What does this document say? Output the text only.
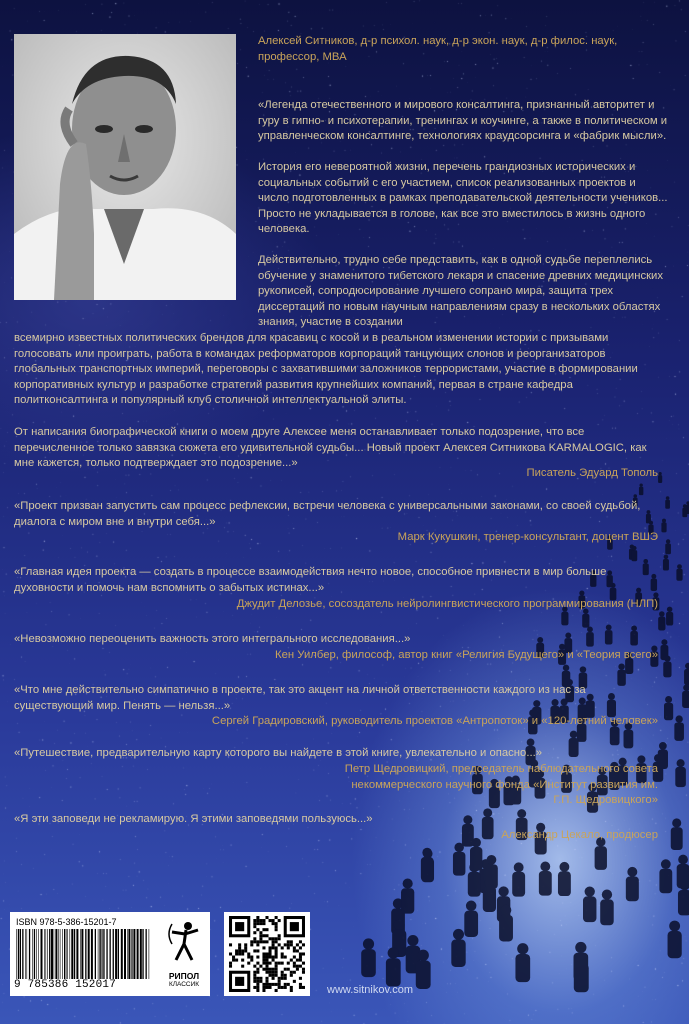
Алексей Ситников, д-р психол. наук, д-р экон. наук, д-р филос. наук, профессор, МВА

«Легенда отечественного и мирового консалтинга, признанный авторитет и гуру в гипно- и психотерапии, тренингах и коучинге, а также в политическом и управленческом консалтинге, технологиях краудсорсинга и «фабрик мысли».

История его невероятной жизни, перечень грандиозных исторических и социальных событий с его участием, список реализованных проектов и число подготовленных в рамках преподавательской деятельности учеников... Просто не укладывается в голове, как все это вместилось в жизнь одного человека.

Действительно, трудно себе представить, как в одной судьбе переплелись обучение у знаменитого тибетского лекаря и спасение древних медицинских рукописей, сопродюсирование лучшего сопрано мира, защита трех диссертаций по новым научным направлениям сразу в нескольких областях знания, участие в создании

всемирно известных политических брендов для красавиц с косой и в реальном изменении истории с призывами голосовать или проиграть, работа в командах реформаторов корпораций танцующих слонов и реорганизаторов глобальных транспортных империй, переговоры с захватившими заложников террористами, участие в формировании корпоративных культур и разработке стратегий развития крупнейших компаний, первая в стране кафедра политконсалтинга и популярный клуб столичной интеллектуальной элиты.

От написания биографической книги о моем друге Алексее меня останавливает только подозрение, что все перечисленное только завязка сюжета его удивительной судьбы... Новый проект Алексея Ситникова KARMALOGIC, как мне кажется, только подтверждает это подозрение...»

Писатель Эдуард Тополь

«Проект призван запустить сам процесс рефлексии, встречи человека с универсальными законами, со своей судьбой, диалога с миром вне и внутри себя...»

Марк Кукушкин, тренер-консультант, доцент ВШЭ

«Главная идея проекта — создать в процессе взаимодействия нечто новое, способное привнести в мир больше духовности и помочь нам вспомнить о забытых истинах...»

Джудит Делозье, сосоздатель нейролингвистического программирования (НЛП)

«Невозможно переоценить важность этого интегрального исследования...»

Кен Уилбер, философ, автор книг «Религия Будущего» и «Теория всего»

«Что мне действительно симпатично в проекте, так это акцент на личной ответственности каждого из нас за существующий мир. Пенять — нельзя...»

Сергей Градировский, руководитель проектов «Антропоток» и «120-летний человек»

«Путешествие, предварительную карту которого вы найдете в этой книге, увлекательно и опасно...»

Петр Щедровицкий, председатель наблюдательного совета некоммерческого научного фонда «Институт развития им. Г.П. Щедровицкого»

«Я эти заповеди не рекламирую. Я этими заповедями пользуюсь...»

Александр Цекало, продюсер

ISBN 978-5-386-15201-7
9 785386 152017
РИПОЛ
КЛАССИК	www.sitnikov.com
